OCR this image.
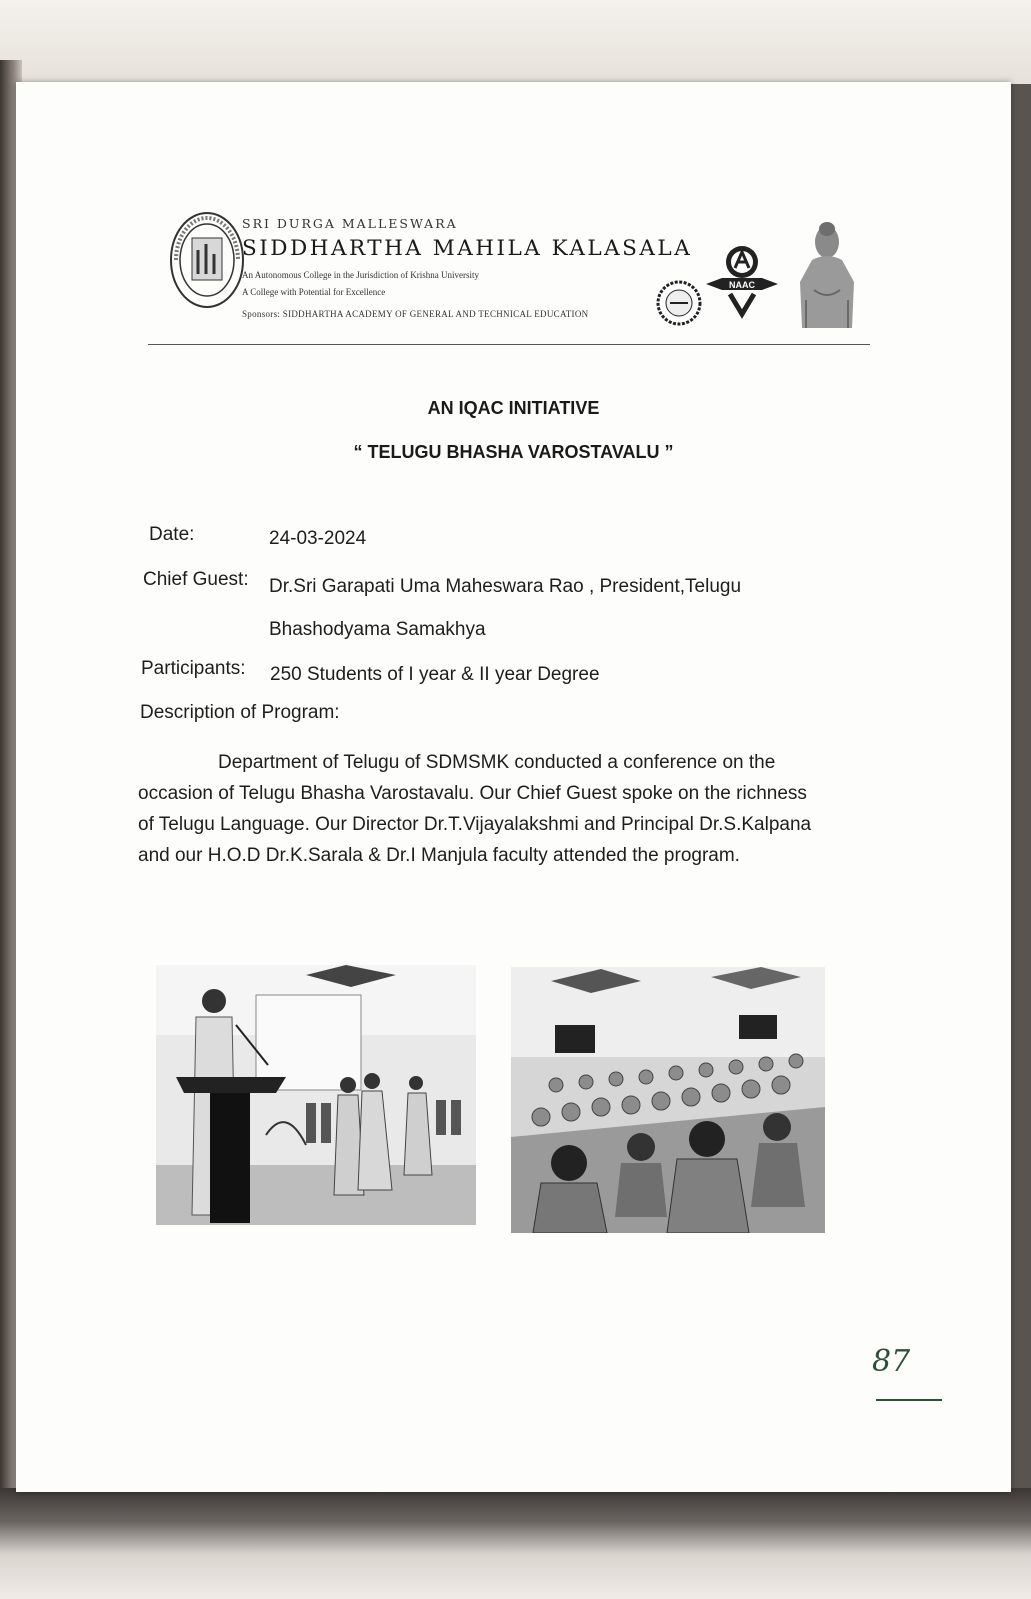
SRI DURGA MALLESWARA
SIDDHARTHA MAHILA KALASALA
An Autonomous College in the Jurisdiction of Krishna University
A College with Potential for Excellence
Sponsors: SIDDHARTHA ACADEMY OF GENERAL AND TECHNICAL EDUCATION
NAAC
AN IQAC INITIATIVE
“ TELUGU BHASHA VAROSTAVALU ”
Date:	24-03-2024
Chief Guest: Dr.Sri Garapati Uma Maheswara Rao , President,Telugu
Bhashodyama Samakhya
Participants: 250 Students of I year & II year Degree
Description of Program:

Department of Telugu of SDMSMK conducted a conference on the

occasion of Telugu Bhasha Varostavalu. Our Chief Guest spoke on the richness

of Telugu Language. Our Director Dr.T.Vijayalakshmi and Principal Dr.S.Kalpana

and our H.O.D Dr.K.Sarala & Dr.I Manjula faculty attended the program.

87
